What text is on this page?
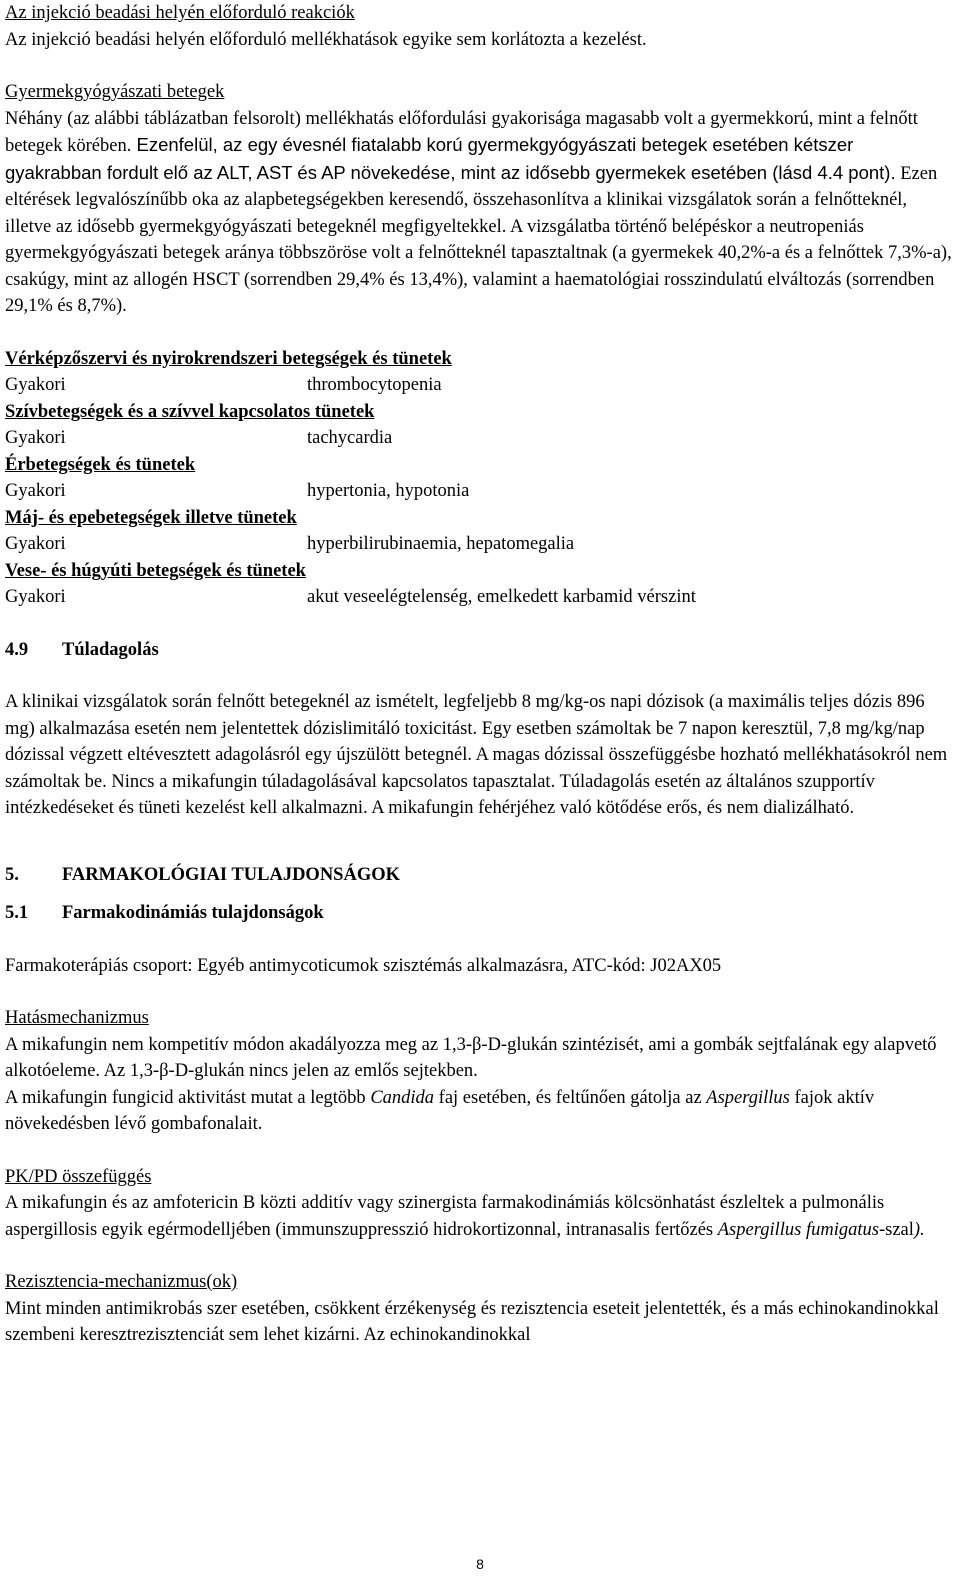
Az injekció beadási helyén előforduló reakciók

Az injekció beadási helyén előforduló mellékhatások egyike sem korlátozta a kezelést.

Gyermekgyógyászati betegek

Néhány (az alábbi táblázatban felsorolt) mellékhatás előfordulási gyakorisága magasabb volt a gyermekkorú, mint a felnőtt betegek körében. Ezenfelül, az egy évesnél fiatalabb korú gyermekgyógyászati betegek esetében kétszer gyakrabban fordult elő az ALT, AST és AP növekedése, mint az idősebb gyermekek esetében (lásd 4.4 pont). Ezen eltérések legvalószínűbb oka az alapbetegségekben keresendő, összehasonlítva a klinikai vizsgálatok során a felnőtteknél, illetve az idősebb gyermekgyógyászati betegeknél megfigyeltekkel. A vizsgálatba történő belépéskor a neutropeniás gyermekgyógyászati betegek aránya többszöröse volt a felnőtteknél tapasztaltnak (a gyermekek 40,2%-a és a felnőttek 7,3%-a), csakúgy, mint az allogén HSCT (sorrendben 29,4% és 13,4%), valamint a haematológiai rosszindulatú elváltozás (sorrendben 29,1% és 8,7%).

Vérképzőszervi és nyirokrendszeri betegségek és tünetek

Gyakori	thrombocytopenia

Szívbetegségek és a szívvel kapcsolatos tünetek

Gyakori	tachycardia

Érbetegségek és tünetek

Gyakori	hypertonia, hypotonia

Máj- és epebetegségek illetve tünetek

Gyakori	hyperbilirubinaemia, hepatomegalia

Vese- és húgyúti betegségek és tünetek

Gyakori	akut veseelégtelenség, emelkedett karbamid vérszint
4.9	Túladagolás

A klinikai vizsgálatok során felnőtt betegeknél az ismételt, legfeljebb 8 mg/kg-os napi dózisok (a maximális teljes dózis 896 mg) alkalmazása esetén nem jelentettek dózislimitáló toxicitást. Egy esetben számoltak be 7 napon keresztül, 7,8 mg/kg/nap dózissal végzett eltévesztett adagolásról egy újszülött betegnél. A magas dózissal összefüggésbe hozható mellékhatásokról nem számoltak be. Nincs a mikafungin túladagolásával kapcsolatos tapasztalat. Túladagolás esetén az általános szupportív intézkedéseket és tüneti kezelést kell alkalmazni. A mikafungin fehérjéhez való kötődése erős, és nem dializálható.

5.	FARMAKOLÓGIAI TULAJDONSÁGOK
5.1	Farmakodinámiás tulajdonságok

Farmakoterápiás csoport: Egyéb antimycoticumok szisztémás alkalmazásra, ATC-kód: J02AX05

Hatásmechanizmus

A mikafungin nem kompetitív módon akadályozza meg az 1,3-β-D-glukán szintézisét, ami a gombák sejtfalának egy alapvető alkotóeleme. Az 1,3-β-D-glukán nincs jelen az emlős sejtekben.

A mikafungin fungicid aktivitást mutat a legtöbb Candida faj esetében, és feltűnően gátolja az Aspergillus fajok aktív növekedésben lévő gombafonalait.

PK/PD összefüggés

A mikafungin és az amfotericin B közti additív vagy szinergista farmakodinámiás kölcsönhatást észleltek a pulmonális aspergillosis egyik egérmodelljében (immunszuppresszió hidrokortizonnal, intranasalis fertőzés Aspergillus fumigatus-szal).

Rezisztencia-mechanizmus(ok)

Mint minden antimikrobás szer esetében, csökkent érzékenység és rezisztencia eseteit jelentették, és a más echinokandinokkal szembeni keresztrezisztenciát sem lehet kizárni. Az echinokandinokkal

8
